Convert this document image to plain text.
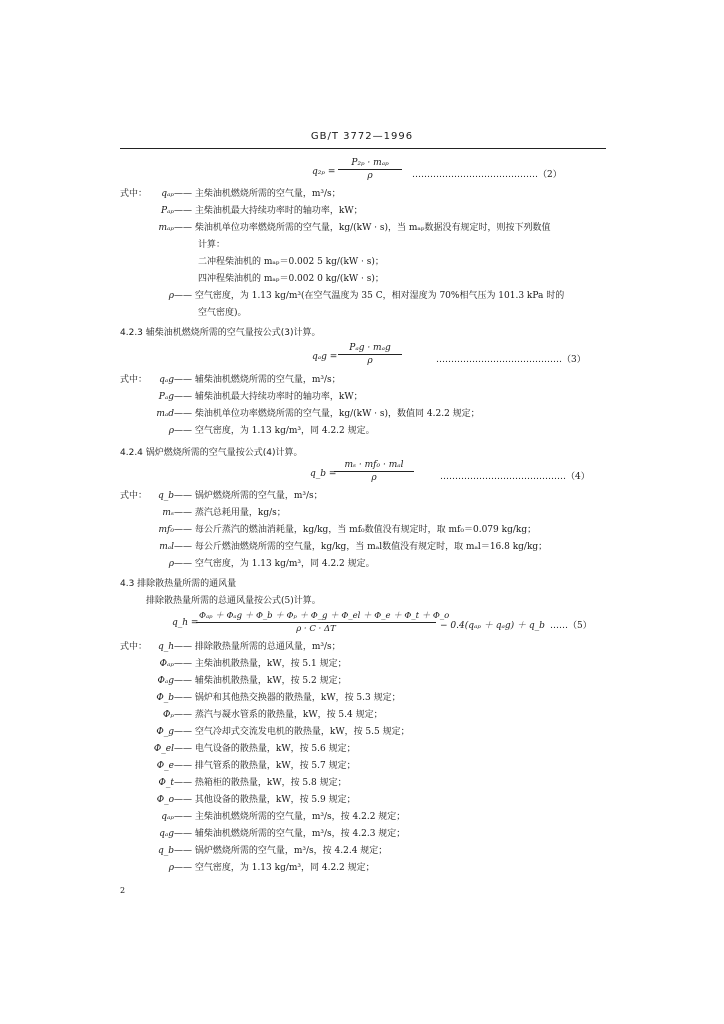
GB/T 3772—1996
q₂ₚ =
P₂ₚ · mₐₚ
ρ	……………………………………（2）
式中： qₐₚ—— 主柴油机燃烧所需的空气量，m³/s；
Pₐₚ—— 主柴油机最大持续功率时的轴功率，kW；
mₐₚ—— 柴油机单位功率燃烧所需的空气量，kg/(kW · s)，当 mₐₚ数据没有规定时，则按下列数值
计算：
二冲程柴油机的 mₐₚ＝0.002 5 kg/(kW · s)；
四冲程柴油机的 mₐₚ＝0.002 0 kg/(kW · s)；
ρ—— 空气密度，为 1.13 kg/m³(在空气温度为 35 C，相对湿度为 70%相气压为 101.3 kPa 时的
空气密度)。
4.2.3 辅柴油机燃烧所需的空气量按公式(3)计算。
qₐg =
Pₐg · mₐg
ρ	……………………………………（3）
式中： qₐg—— 辅柴油机燃烧所需的空气量，m³/s；
Pₐg—— 辅柴油机最大持续功率时的轴功率，kW；
mₐd—— 柴油机单位功率燃烧所需的空气量，kg/(kW · s)，数值同 4.2.2 规定；
ρ—— 空气密度，为 1.13 kg/m³，同 4.2.2 规定。
4.2.4 锅炉燃烧所需的空气量按公式(4)计算。
q_b =
mₛ · mf₀ · mₐl
ρ	……………………………………（4）
式中： q_b—— 锅炉燃烧所需的空气量，m³/s；
mₛ—— 蒸汽总耗用量，kg/s；
mf₀—— 每公斤蒸汽的燃油消耗量，kg/kg，当 mf₀数值没有规定时，取 mf₀＝0.079 kg/kg；
mₐl—— 每公斤燃油燃烧所需的空气量，kg/kg，当 mₐl数值没有规定时，取 mₐl＝16.8 kg/kg；
ρ—— 空气密度，为 1.13 kg/m³，同 4.2.2 规定。
4.3 排除散热量所需的通风量
排除散热量所需的总通风量按公式(5)计算。
q_h =
Φₐₚ ＋ Φₐg ＋ Φ_b ＋ Φₚ ＋ Φ_g ＋ Φ_el ＋ Φ_e ＋ Φ_t ＋ Φ_o
ρ · C · ΔT	− 0.4(qₐₚ ＋ qₐg) ＋ q_b ……（5）
式中： q_h—— 排除散热量所需的总通风量，m³/s；
Φₐₚ—— 主柴油机散热量，kW，按 5.1 规定；
Φₐg—— 辅柴油机散热量，kW，按 5.2 规定；
Φ_b—— 锅炉和其他热交换器的散热量，kW，按 5.3 规定；
Φₚ—— 蒸汽与凝水管系的散热量，kW，按 5.4 规定；
Φ_g—— 空气冷却式交流发电机的散热量，kW，按 5.5 规定；
Φ_el—— 电气设备的散热量，kW，按 5.6 规定；
Φ_e—— 排气管系的散热量，kW，按 5.7 规定；
Φ_t—— 热箱柜的散热量，kW，按 5.8 规定；
Φ_o—— 其他设备的散热量，kW，按 5.9 规定；
qₐₚ—— 主柴油机燃烧所需的空气量，m³/s，按 4.2.2 规定；
qₐg—— 辅柴油机燃烧所需的空气量，m³/s，按 4.2.3 规定；
q_b—— 锅炉燃烧所需的空气量，m³/s，按 4.2.4 规定；
ρ—— 空气密度，为 1.13 kg/m³，同 4.2.2 规定；
2
